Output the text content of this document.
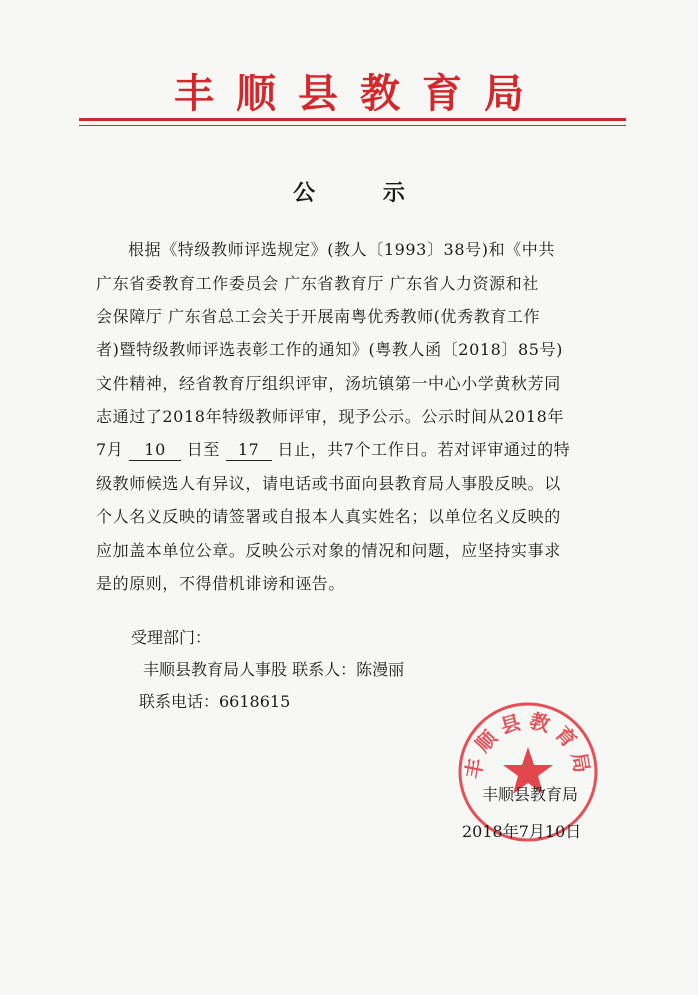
丰顺县教育局
公 示
根据《特级教师评选规定》(教人〔1993〕38号)和《中共
广东省委教育工作委员会 广东省教育厅 广东省人力资源和社
会保障厅 广东省总工会关于开展南粤优秀教师(优秀教育工作
者)暨特级教师评选表彰工作的通知》(粤教人函〔2018〕85号)
文件精神，经省教育厅组织评审，汤坑镇第一中心小学黄秋芳同
志通过了2018年特级教师评审，现予公示。公示时间从2018年
7月 10 日至 17 日止，共7个工作日。若对评审通过的特
级教师候选人有异议，请电话或书面向县教育局人事股反映。以
个人名义反映的请签署或自报本人真实姓名；以单位名义反映的
应加盖本单位公章。反映公示对象的情况和问题，应坚持实事求
是的原则，不得借机诽谤和诬告。
受理部门：
丰顺县教育局人事股 联系人：陈漫丽
联系电话：6618615
丰顺县教育局
丰顺县教育局
2018年7月10日
